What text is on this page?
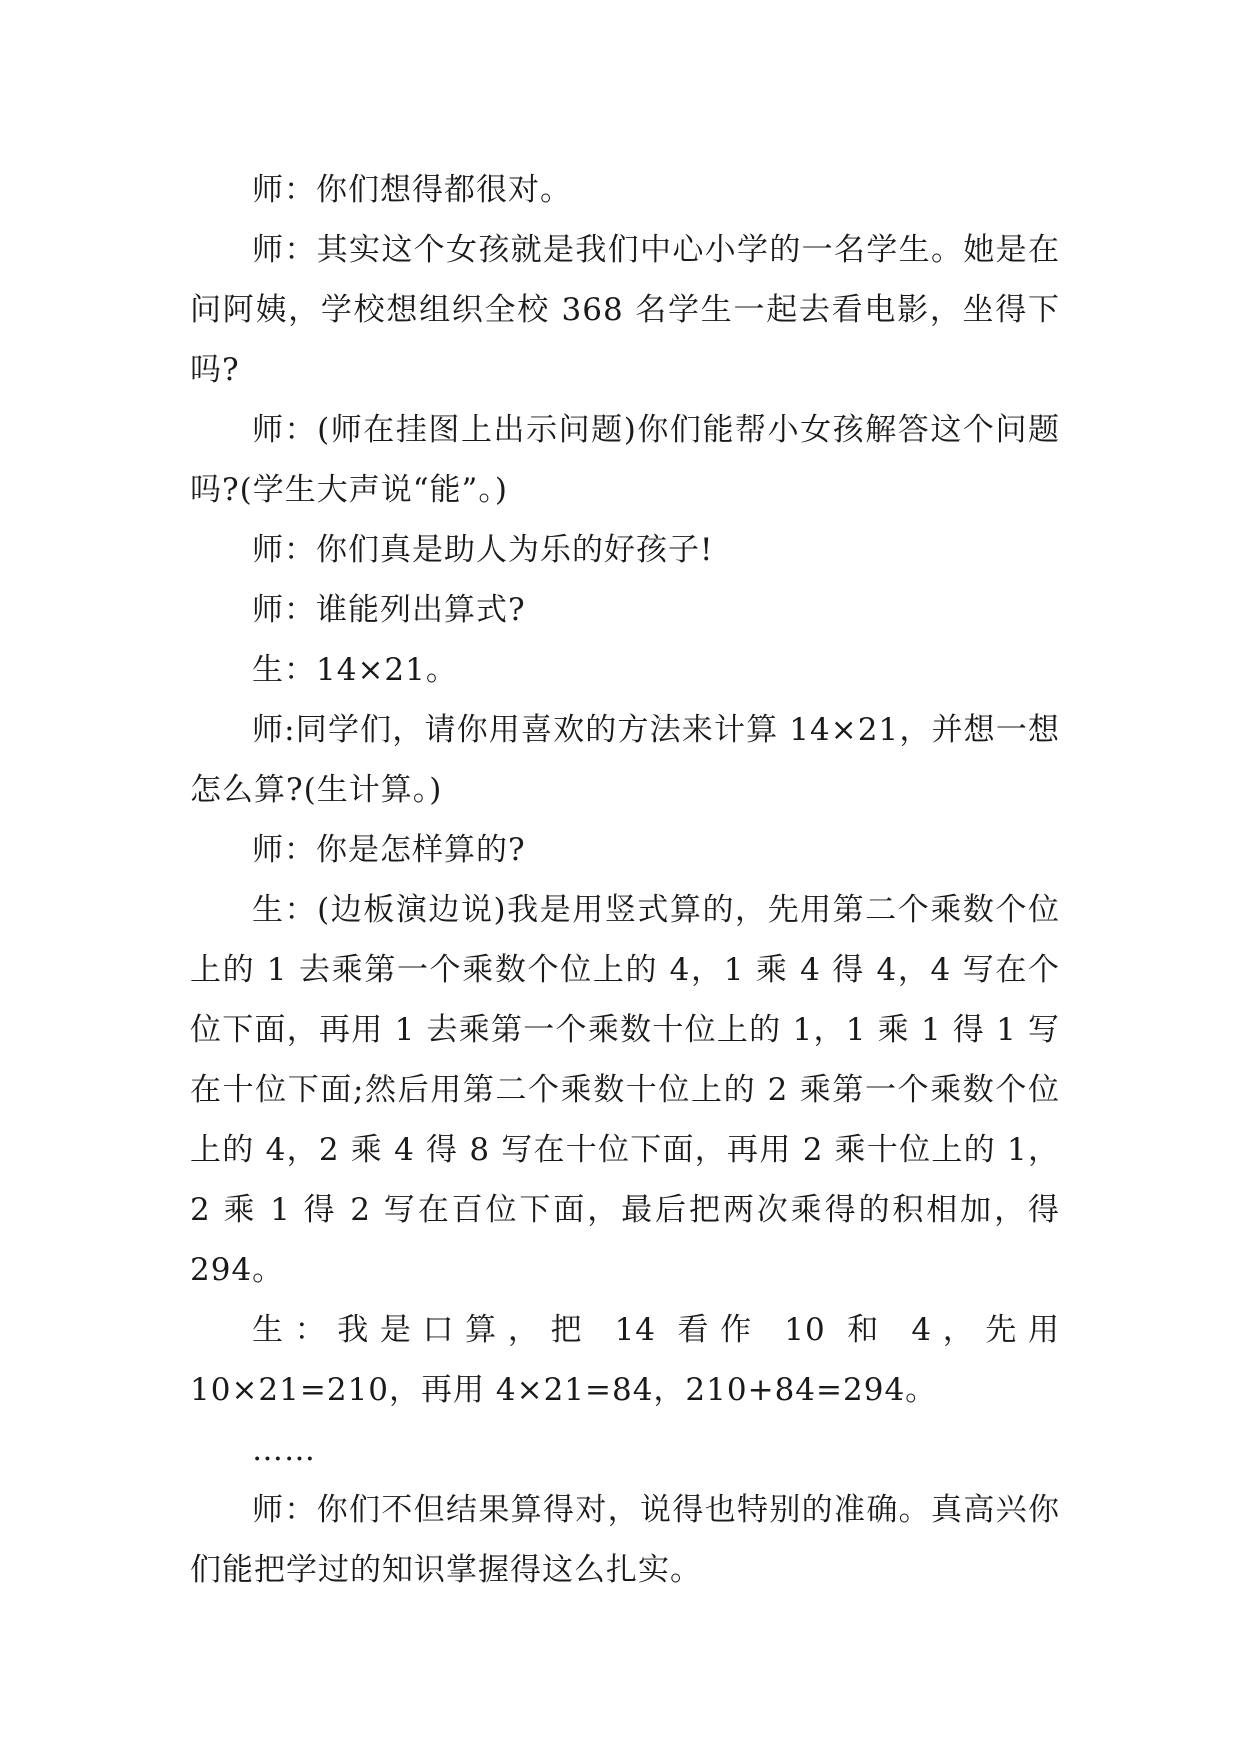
师：你们想得都很对。

师：其实这个女孩就是我们中心小学的一名学生。她是在问阿姨，学校想组织全校 368 名学生一起去看电影，坐得下吗?

师：(师在挂图上出示问题)你们能帮小女孩解答这个问题吗?(学生大声说“能”。)

师：你们真是助人为乐的好孩子!

师：谁能列出算式?

生：14×21。

师:同学们，请你用喜欢的方法来计算 14×21，并想一想怎么算?(生计算。)

师：你是怎样算的?

生：(边板演边说)我是用竖式算的，先用第二个乘数个位上的 1 去乘第一个乘数个位上的 4，1 乘 4 得 4，4 写在个位下面，再用 1 去乘第一个乘数十位上的 1，1 乘 1 得 1 写在十位下面;然后用第二个乘数十位上的 2 乘第一个乘数个位上的 4，2 乘 4 得 8 写在十位下面，再用 2 乘十位上的 1，2 乘 1 得 2 写在百位下面，最后把两次乘得的积相加，得294。

生：我是口算，把 14 看作 10 和 4，先用 10×21=210，再用 4×21=84，210+84=294。

……

师：你们不但结果算得对，说得也特别的准确。真高兴你们能把学过的知识掌握得这么扎实。
